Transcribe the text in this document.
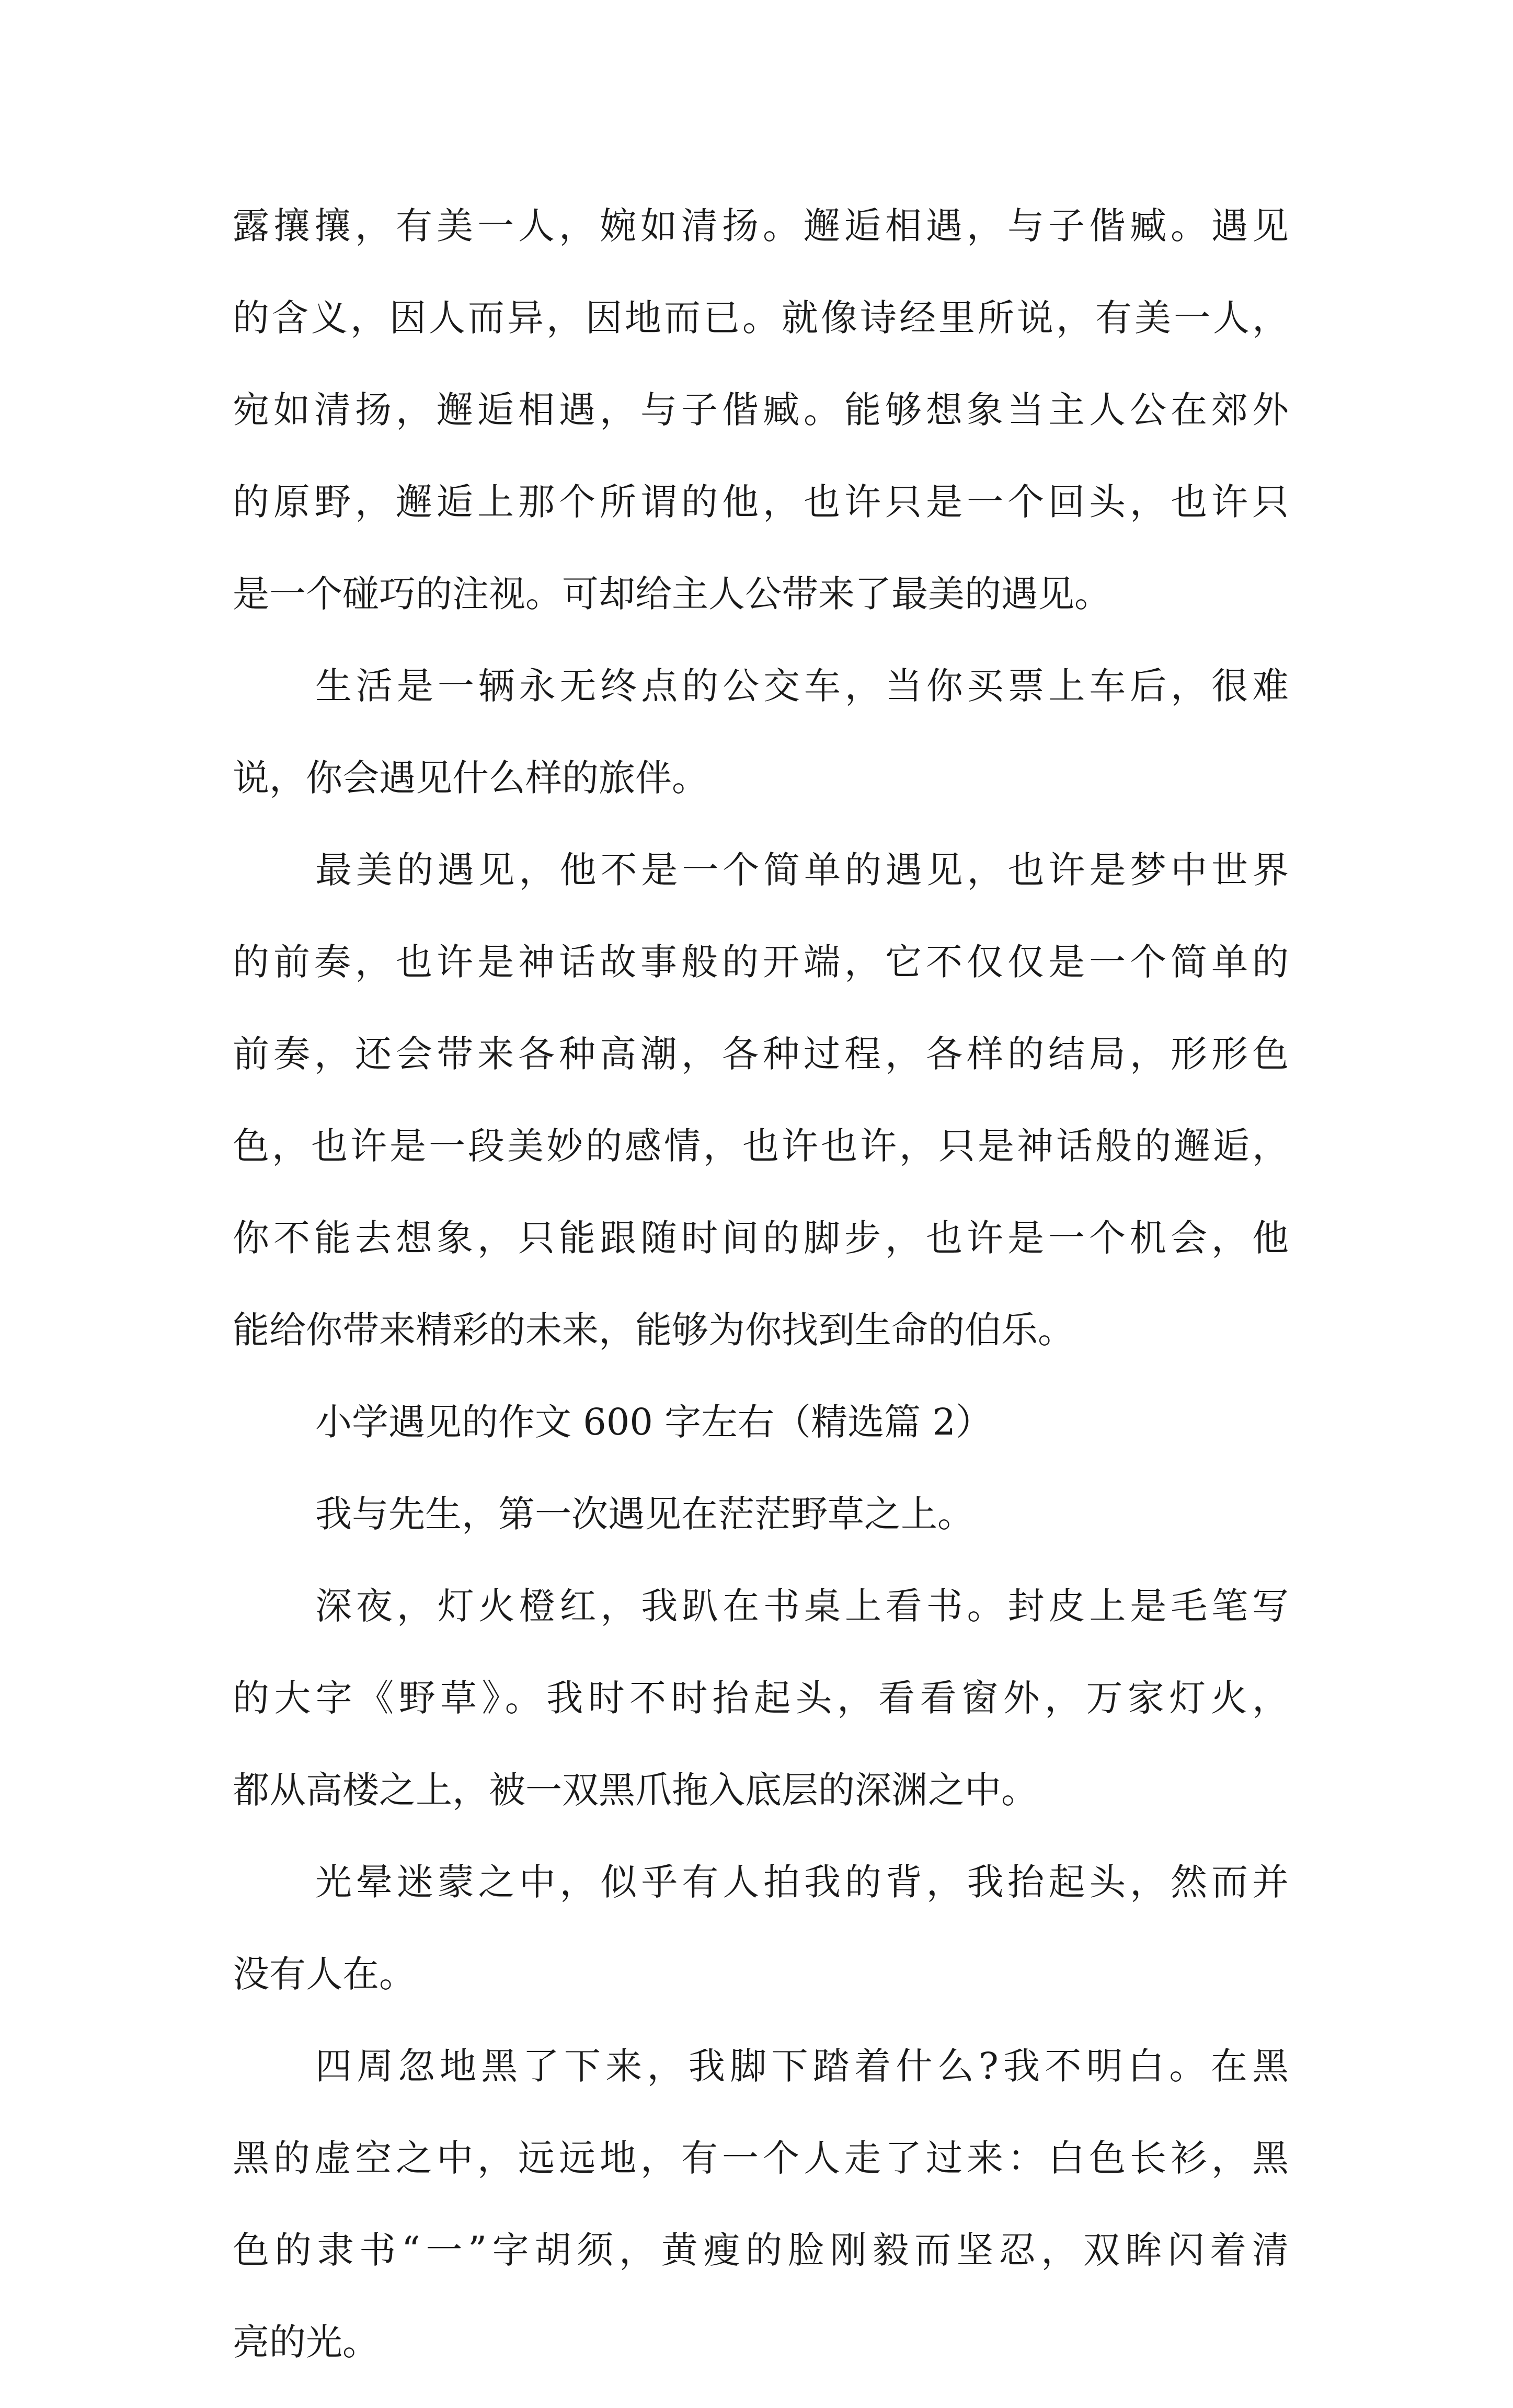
露攘攘，有美一人，婉如清扬。邂逅相遇，与子偕臧。遇见
的含义，因人而异，因地而已。就像诗经里所说，有美一人，
宛如清扬，邂逅相遇，与子偕臧。能够想象当主人公在郊外
的原野，邂逅上那个所谓的他，也许只是一个回头，也许只
是一个碰巧的注视。可却给主人公带来了最美的遇见。
生活是一辆永无终点的公交车，当你买票上车后，很难
说，你会遇见什么样的旅伴。
最美的遇见，他不是一个简单的遇见，也许是梦中世界
的前奏，也许是神话故事般的开端，它不仅仅是一个简单的
前奏，还会带来各种高潮，各种过程，各样的结局，形形色
色，也许是一段美妙的感情，也许也许，只是神话般的邂逅，
你不能去想象，只能跟随时间的脚步，也许是一个机会，他
能给你带来精彩的未来，能够为你找到生命的伯乐。
小学遇见的作文 600 字左右（精选篇 2）
我与先生，第一次遇见在茫茫野草之上。
深夜，灯火橙红，我趴在书桌上看书。封皮上是毛笔写
的大字《野草》。我时不时抬起头，看看窗外，万家灯火，
都从高楼之上，被一双黑爪拖入底层的深渊之中。
光晕迷蒙之中，似乎有人拍我的背，我抬起头，然而并
没有人在。
四周忽地黑了下来，我脚下踏着什么?我不明白。在黑
黑的虚空之中，远远地，有一个人走了过来：白色长衫，黑
色的隶书“一”字胡须，黄瘦的脸刚毅而坚忍，双眸闪着清
亮的光。
